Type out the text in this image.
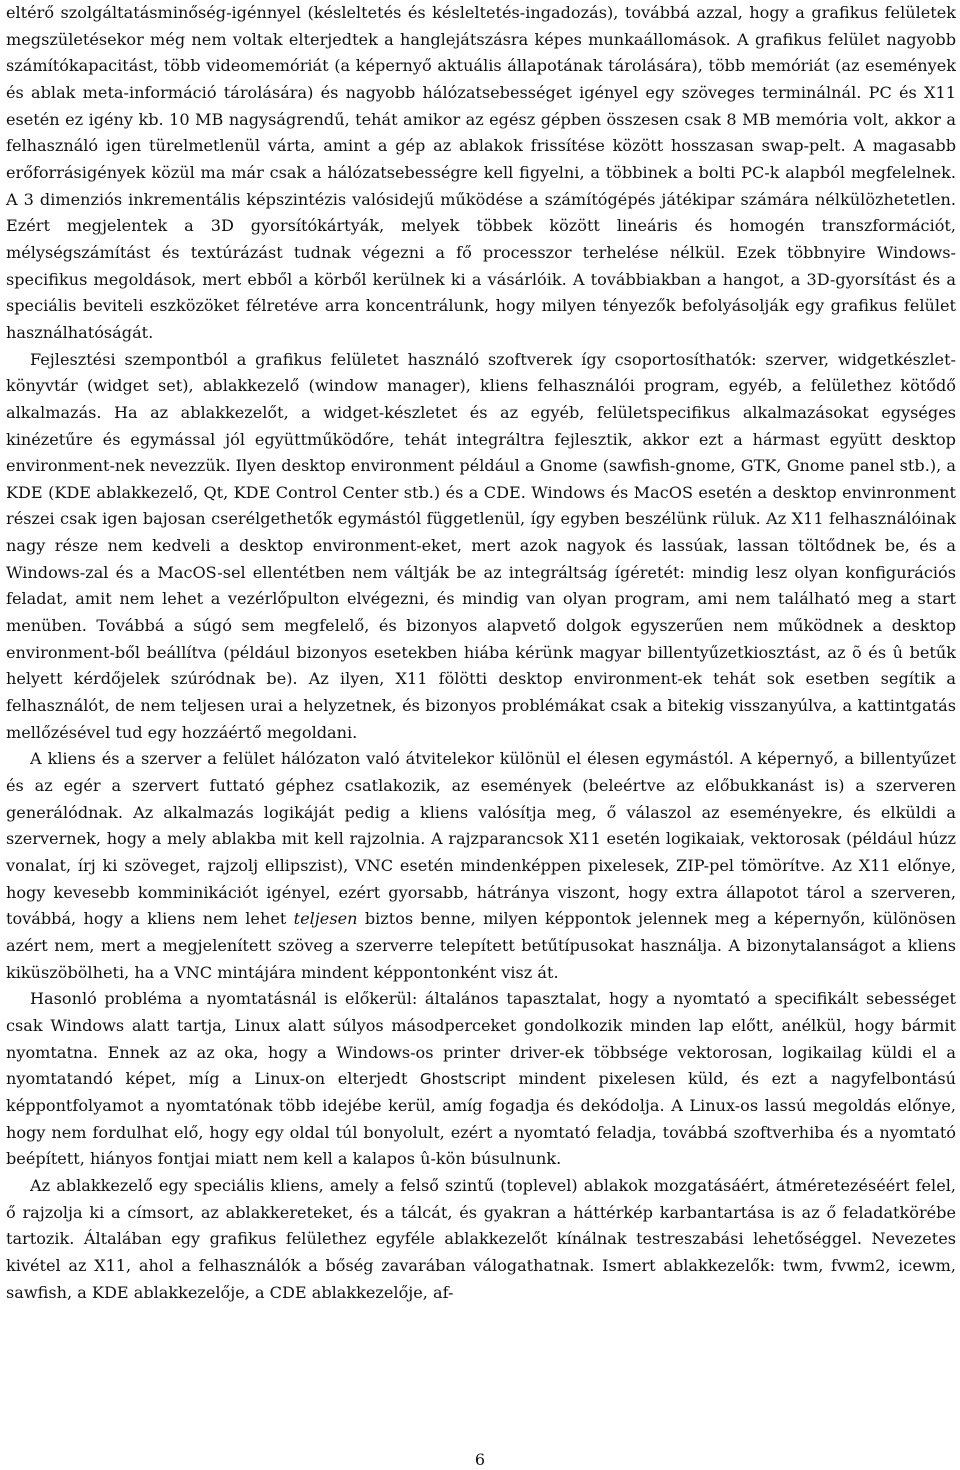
eltérő szolgáltatásminőség-igénnyel (késleltetés és késleltetés-ingadozás), továbbá azzal, hogy a grafikus felületek megszületésekor még nem voltak elterjedtek a hanglejátszásra képes munkaállomások. A grafikus felület nagyobb számítókapacitást, több videomemóriát (a képernyő aktuális állapotának tárolására), több memóriát (az események és ablak meta-információ tárolására) és nagyobb hálózatsebességet igényel egy szöveges terminálnál. PC és X11 esetén ez igény kb. 10 MB nagyságrendű, tehát amikor az egész gépben összesen csak 8 MB memória volt, akkor a felhasználó igen türelmetlenül várta, amint a gép az ablakok frissítése között hosszasan swap-pelt. A magasabb erőforrásigények közül ma már csak a hálózatsebességre kell figyelni, a többinek a bolti PC-k alapból megfelelnek. A 3 dimenziós inkrementális képszintézis valósidejű működése a számítógépés játékipar számára nélkülözhetetlen. Ezért megjelentek a 3D gyorsítókártyák, melyek többek között lineáris és homogén transzformációt, mélységszámítást és textúrázást tudnak végezni a fő processzor terhelése nélkül. Ezek többnyire Windows-specifikus megoldások, mert ebből a körből kerülnek ki a vásárlóik. A továbbiakban a hangot, a 3D-gyorsítást és a speciális beviteli eszközöket félretéve arra koncentrálunk, hogy milyen tényezők befolyásolják egy grafikus felület használhatóságát.

Fejlesztési szempontból a grafikus felületet használó szoftverek így csoportosíthatók: szerver, widgetkészlet-könyvtár (widget set), ablakkezelő (window manager), kliens felhasználói program, egyéb, a felülethez kötődő alkalmazás. Ha az ablakkezelőt, a widget-készletet és az egyéb, felületspecifikus alkalmazásokat egységes kinézetűre és egymással jól együttműködőre, tehát integráltra fejlesztik, akkor ezt a hármast együtt desktop environment-nek nevezzük. Ilyen desktop environment például a Gnome (sawfish-gnome, GTK, Gnome panel stb.), a KDE (KDE ablakkezelő, Qt, KDE Control Center stb.) és a CDE. Windows és MacOS esetén a desktop envinronment részei csak igen bajosan cserélgethetők egymástól függetlenül, így egyben beszélünk rüluk. Az X11 felhasználóinak nagy része nem kedveli a desktop environment-eket, mert azok nagyok és lassúak, lassan töltődnek be, és a Windows-zal és a MacOS-sel ellentétben nem váltják be az integráltság ígéretét: mindig lesz olyan konfigurációs feladat, amit nem lehet a vezérlőpulton elvégezni, és mindig van olyan program, ami nem található meg a start menüben. Továbbá a súgó sem megfelelő, és bizonyos alapvető dolgok egyszerűen nem működnek a desktop environment-ből beállítva (például bizonyos esetekben hiába kérünk magyar billentyűzetkiosztást, az õ és û betűk helyett kérdőjelek szúródnak be). Az ilyen, X11 fölötti desktop environment-ek tehát sok esetben segítik a felhasználót, de nem teljesen urai a helyzetnek, és bizonyos problémákat csak a bitekig visszanyúlva, a kattintgatás mellőzésével tud egy hozzáértő megoldani.

A kliens és a szerver a felület hálózaton való átvitelekor különül el élesen egymástól. A képernyő, a billentyűzet és az egér a szervert futtató géphez csatlakozik, az események (beleértve az előbukkanást is) a szerveren generálódnak. Az alkalmazás logikáját pedig a kliens valósítja meg, ő válaszol az eseményekre, és elküldi a szervernek, hogy a mely ablakba mit kell rajzolnia. A rajzparancsok X11 esetén logikaiak, vektorosak (például húzz vonalat, írj ki szöveget, rajzolj ellipszist), VNC esetén mindenképpen pixelesek, ZIP-pel tömörítve. Az X11 előnye, hogy kevesebb komminikációt igényel, ezért gyorsabb, hátránya viszont, hogy extra állapotot tárol a szerveren, továbbá, hogy a kliens nem lehet teljesen biztos benne, milyen képpontok jelennek meg a képernyőn, különösen azért nem, mert a megjelenített szöveg a szerverre telepített betűtípusokat használja. A bizonytalanságot a kliens kiküszöbölheti, ha a VNC mintájára mindent képpontonként visz át.

Hasonló probléma a nyomtatásnál is előkerül: általános tapasztalat, hogy a nyomtató a specifikált sebességet csak Windows alatt tartja, Linux alatt súlyos másodperceket gondolkozik minden lap előtt, anélkül, hogy bármit nyomtatna. Ennek az az oka, hogy a Windows-os printer driver-ek többsége vektorosan, logikailag küldi el a nyomtatandó képet, míg a Linux-on elterjedt Ghostscript mindent pixelesen küld, és ezt a nagyfelbontású képpontfolyamot a nyomtatónak több idejébe kerül, amíg fogadja és dekódolja. A Linux-os lassú megoldás előnye, hogy nem fordulhat elő, hogy egy oldal túl bonyolult, ezért a nyomtató feladja, továbbá szoftverhiba és a nyomtató beépített, hiányos fontjai miatt nem kell a kalapos û-kön búsulnunk.

Az ablakkezelő egy speciális kliens, amely a felső szintű (toplevel) ablakok mozgatásáért, átméretezéséért felel, ő rajzolja ki a címsort, az ablakkereteket, és a tálcát, és gyakran a háttérkép karbantartása is az ő feladatkörébe tartozik. Általában egy grafikus felülethez egyféle ablakkezelőt kínálnak testreszabási lehetőséggel. Nevezetes kivétel az X11, ahol a felhasználók a bőség zavarában válogathatnak. Ismert ablakkezelők: twm, fvwm2, icewm, sawfish, a KDE ablakkezelője, a CDE ablakkezelője, af-

6
